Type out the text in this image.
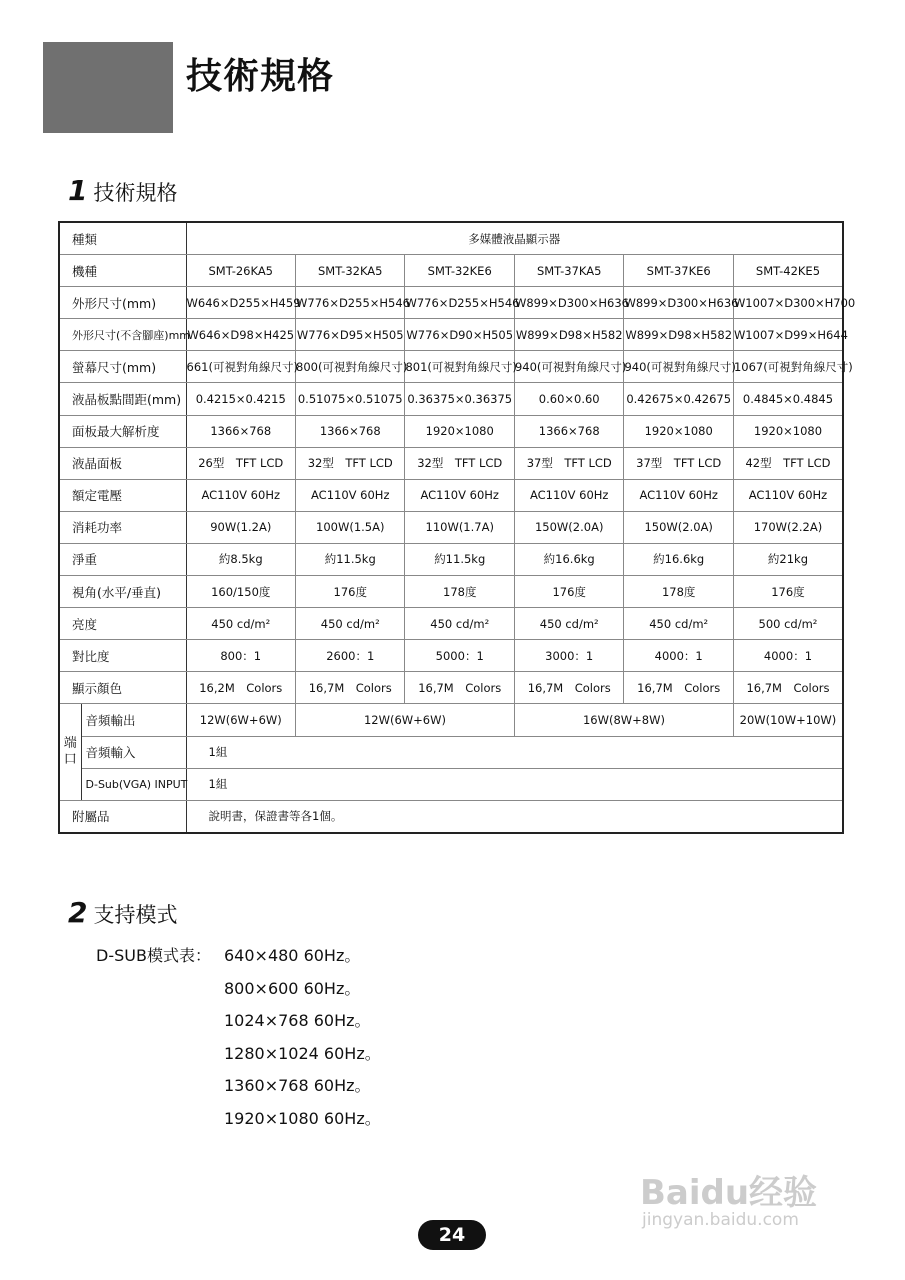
技術規格
1 技術規格
種類		多媒體液晶顯示器					
機種		SMT-26KA5	SMT-32KA5	SMT-32KE6	SMT-37KA5	SMT-37KE6	SMT-42KE5
外形尺寸(mm)		W646×D255×H459	W776×D255×H546	W776×D255×H546	W899×D300×H636	W899×D300×H636	W1007×D300×H700
外形尺寸(不含腳座)mm		W646×D98×H425	W776×D95×H505	W776×D90×H505	W899×D98×H582	W899×D98×H582	W1007×D99×H644
螢幕尺寸(mm)		661(可視對角線尺寸)	800(可視對角線尺寸)	801(可視對角線尺寸)	940(可視對角線尺寸)	940(可視對角線尺寸)	1067(可視對角線尺寸)
液晶板點間距(mm)		0.4215×0.4215	0.51075×0.51075	0.36375×0.36375	0.60×0.60	0.42675×0.42675	0.4845×0.4845
面板最大解析度		1366×768	1366×768	1920×1080	1366×768	1920×1080	1920×1080
液晶面板		26型　TFT LCD	32型　TFT LCD	32型　TFT LCD	37型　TFT LCD	37型　TFT LCD	42型　TFT LCD
額定電壓		AC110V 60Hz	AC110V 60Hz	AC110V 60Hz	AC110V 60Hz	AC110V 60Hz	AC110V 60Hz
消耗功率		90W(1.2A)	100W(1.5A)	110W(1.7A)	150W(2.0A)	150W(2.0A)	170W(2.2A)
淨重		約8.5kg	約11.5kg	約11.5kg	約16.6kg	約16.6kg	約21kg
視角(水平/垂直)		160/150度	176度	178度	176度	178度	176度
亮度		450 cd/m²	450 cd/m²	450 cd/m²	450 cd/m²	450 cd/m²	500 cd/m²
對比度		800：1	2600：1	5000：1	3000：1	4000：1	4000：1
顯示顏色		16,2M　Colors	16,7M　Colors	16,7M　Colors	16,7M　Colors	16,7M　Colors	16,7M　Colors
端口	音頻輸出	12W(6W+6W)	12W(6W+6W)		16W(8W+8W)		20W(10W+10W)
	音頻輸入	1組					
	D-Sub(VGA) INPUT	1組					
附屬品		說明書，保證書等各1個。					
2 支持模式
D-SUB模式表： 640×480 60Hz。
800×600 60Hz。
1024×768 60Hz。
1280×1024 60Hz。
1360×768 60Hz。
1920×1080 60Hz。
Baidu经验
jingyan.baidu.com
24
